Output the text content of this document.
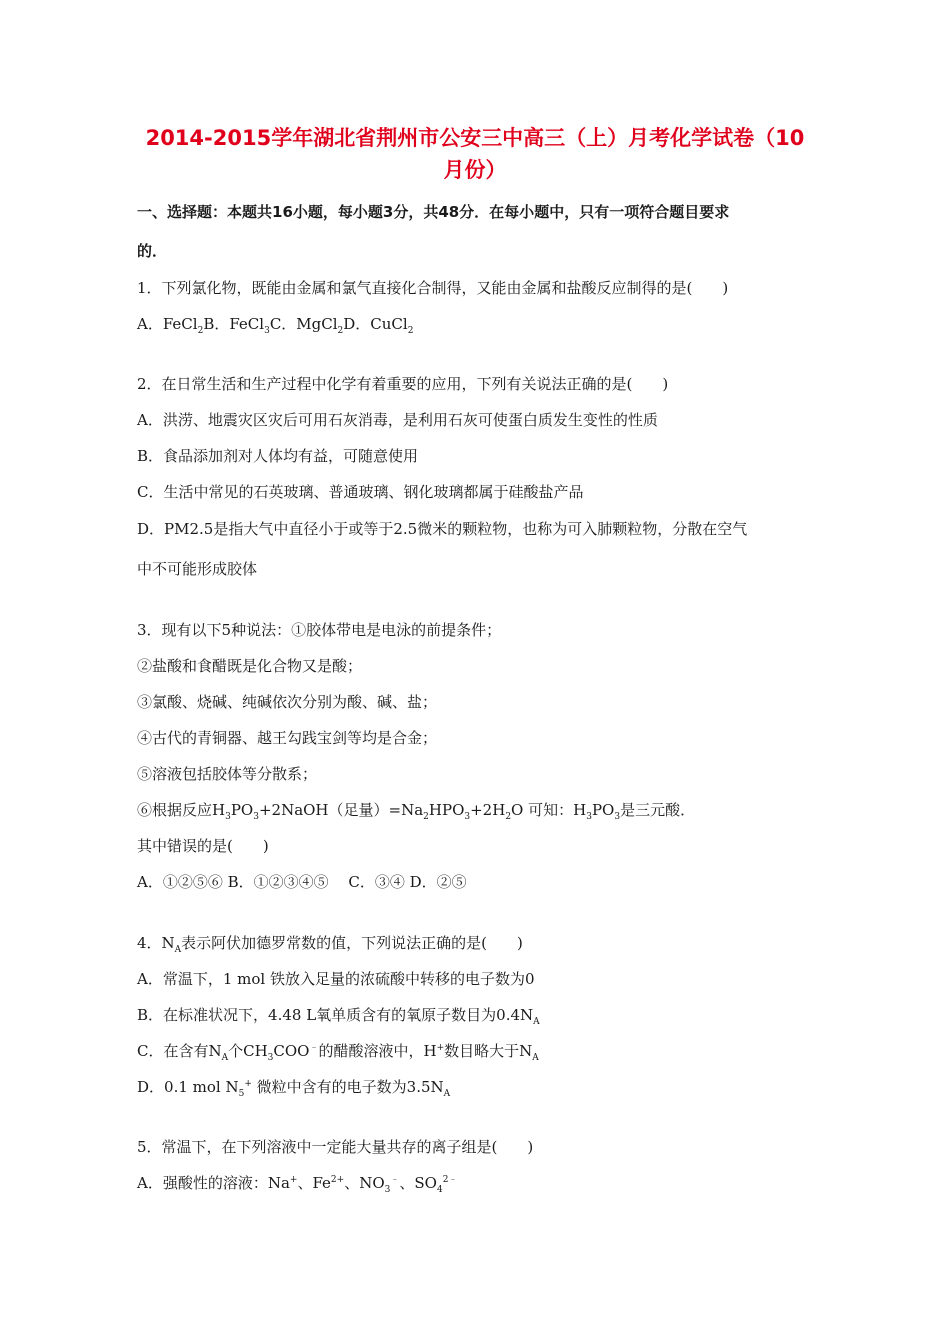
2014-2015学年湖北省荆州市公安三中高三（上）月考化学试卷（10
月份）
一、选择题：本题共16小题，每小题3分，共48分．在每小题中，只有一项符合题目要求
的．
1．下列氯化物，既能由金属和氯气直接化合制得，又能由金属和盐酸反应制得的是(　　)
A．FeCl$_2$B．FeCl$_3$C．MgCl$_2$D．CuCl$_2$
2．在日常生活和生产过程中化学有着重要的应用，下列有关说法正确的是(　　)
A．洪涝、地震灾区灾后可用石灰消毒，是利用石灰可使蛋白质发生变性的性质
B．食品添加剂对人体均有益，可随意使用
C．生活中常见的石英玻璃、普通玻璃、钢化玻璃都属于硅酸盐产品
D．PM2.5是指大气中直径小于或等于2.5微米的颗粒物，也称为可入肺颗粒物，分散在空气
中不可能形成胶体
3．现有以下5种说法：①胶体带电是电泳的前提条件；
②盐酸和食醋既是化合物又是酸；
③氯酸、烧碱、纯碱依次分别为酸、碱、盐；
④古代的青铜器、越王勾践宝剑等均是合金；
⑤溶液包括胶体等分散系；
⑥根据反应$H_3PO_3+2NaOH$（足量）$=Na_2HPO_3+2H_2O$ 可知：$H_3PO_3$是三元酸．
其中错误的是(　　)
A．①②⑤⑥ B．①②③④⑤　 C．③④ D．②⑤
4．$N_A$表示阿伏加德罗常数的值，下列说法正确的是(　　)
A．常温下，1 mol 铁放入足量的浓硫酸中转移的电子数为0
B．在标准状况下，4.48 L氧单质含有的氧原子数目为$0.4N_A$
C．在含有$N_A$个$CH_3COO^﹣$的醋酸溶液中，H+数目略大于$N_A$
D．0.1 mol $N_5^+$ 微粒中含有的电子数为$3.5N_A$
5．常温下，在下列溶液中一定能大量共存的离子组是(　　)
A．强酸性的溶液：Na+、$Fe^{2+}$、$NO_3^﹣$、$SO_4^{2﹣}$
